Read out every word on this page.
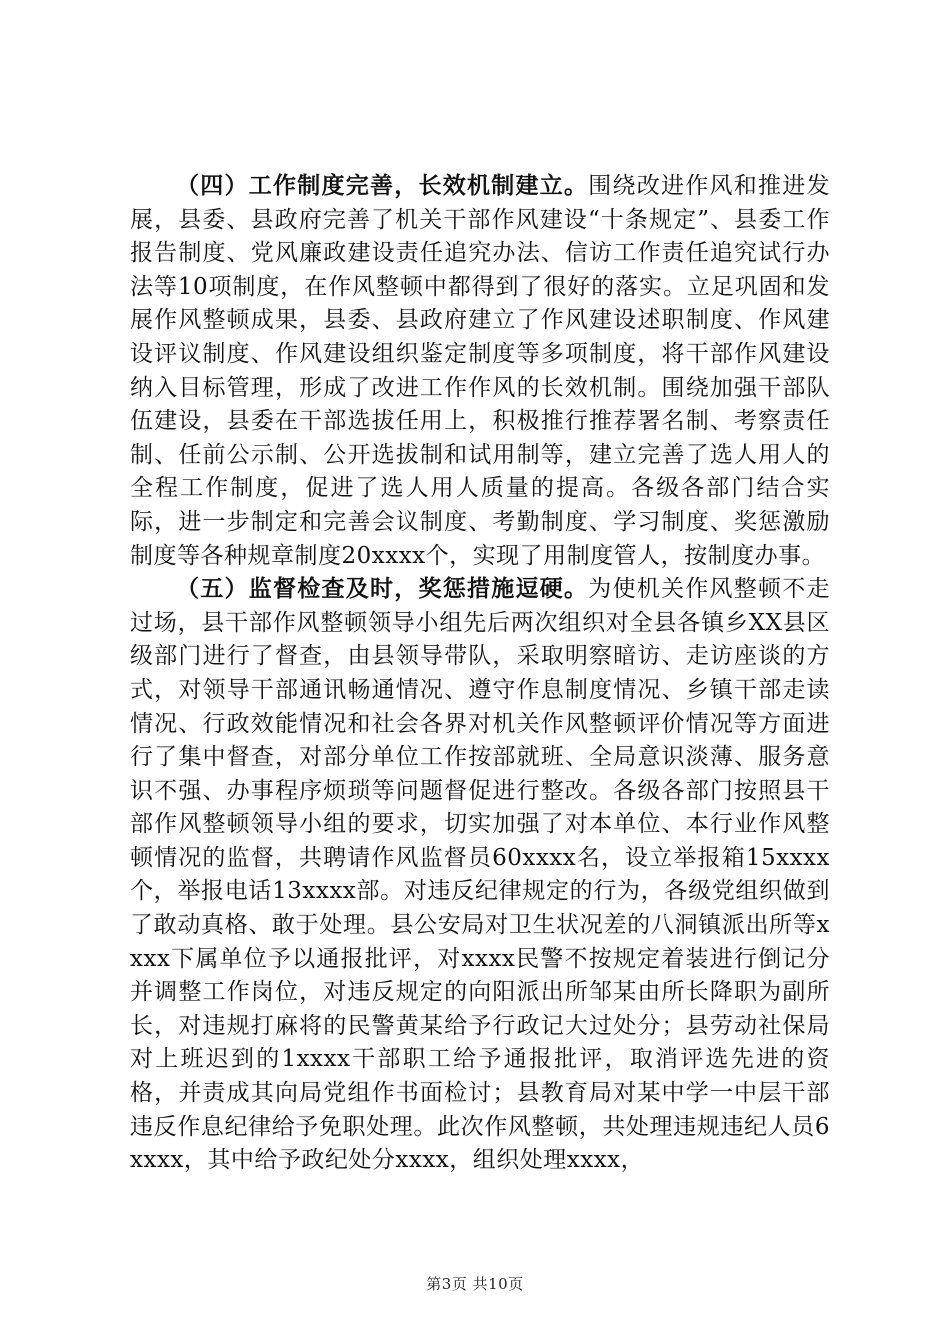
（四）工作制度完善，长效机制建立。围绕改进作风和推进发展，县委、县政府完善了机关干部作风建设“十条规定”、县委工作报告制度、党风廉政建设责任追究办法、信访工作责任追究试行办法等10项制度，在作风整顿中都得到了很好的落实。立足巩固和发展作风整顿成果，县委、县政府建立了作风建设述职制度、作风建设评议制度、作风建设组织鉴定制度等多项制度，将干部作风建设纳入目标管理，形成了改进工作作风的长效机制。围绕加强干部队伍建设，县委在干部选拔任用上，积极推行推荐署名制、考察责任制、任前公示制、公开选拔制和试用制等，建立完善了选人用人的全程工作制度，促进了选人用人质量的提高。各级各部门结合实际，进一步制定和完善会议制度、考勤制度、学习制度、奖惩激励制度等各种规章制度20xxxx个，实现了用制度管人，按制度办事。

（五）监督检查及时，奖惩措施逗硬。为使机关作风整顿不走过场，县干部作风整顿领导小组先后两次组织对全县各镇乡XX县区级部门进行了督查，由县领导带队，采取明察暗访、走访座谈的方式，对领导干部通讯畅通情况、遵守作息制度情况、乡镇干部走读情况、行政效能情况和社会各界对机关作风整顿评价情况等方面进行了集中督查，对部分单位工作按部就班、全局意识淡薄、服务意识不强、办事程序烦琐等问题督促进行整改。各级各部门按照县干部作风整顿领导小组的要求，切实加强了对本单位、本行业作风整顿情况的监督，共聘请作风监督员60xxxx名，设立举报箱15xxxx个，举报电话13xxxx部。对违反纪律规定的行为，各级党组织做到了敢动真格、敢于处理。县公安局对卫生状况差的八洞镇派出所等xxxx下属单位予以通报批评，对xxxx民警不按规定着装进行倒记分并调整工作岗位，对违反规定的向阳派出所邹某由所长降职为副所长，对违规打麻将的民警黄某给予行政记大过处分；县劳动社保局对上班迟到的1xxxx干部职工给予通报批评，取消评选先进的资格，并责成其向局党组作书面检讨；县教育局对某中学一中层干部违反作息纪律给予免职处理。此次作风整顿，共处理违规违纪人员6xxxx，其中给予政纪处分xxxx，组织处理xxxx，

第3页 共10页
